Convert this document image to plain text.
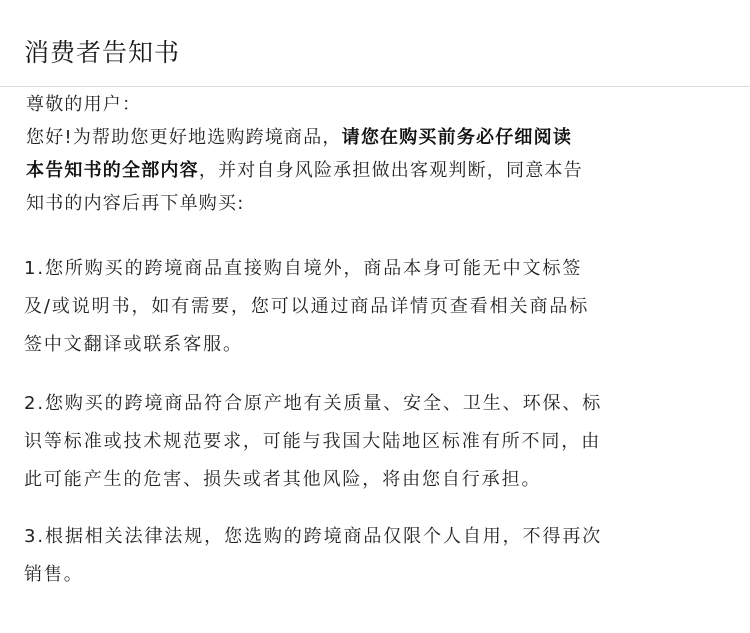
消费者告知书
尊敬的用户：
您好!为帮助您更好地选购跨境商品，请您在购买前务必仔细阅读
本告知书的全部内容，并对自身风险承担做出客观判断，同意本告
知书的内容后再下单购买:
1.您所购买的跨境商品直接购自境外，商品本身可能无中文标签
及/或说明书，如有需要，您可以通过商品详情页查看相关商品标
签中文翻译或联系客服。
2.您购买的跨境商品符合原产地有关质量、安全、卫生、环保、标
识等标准或技术规范要求，可能与我国大陆地区标准有所不同，由
此可能产生的危害、损失或者其他风险，将由您自行承担。
3.根据相关法律法规，您选购的跨境商品仅限个人自用，不得再次
销售。
